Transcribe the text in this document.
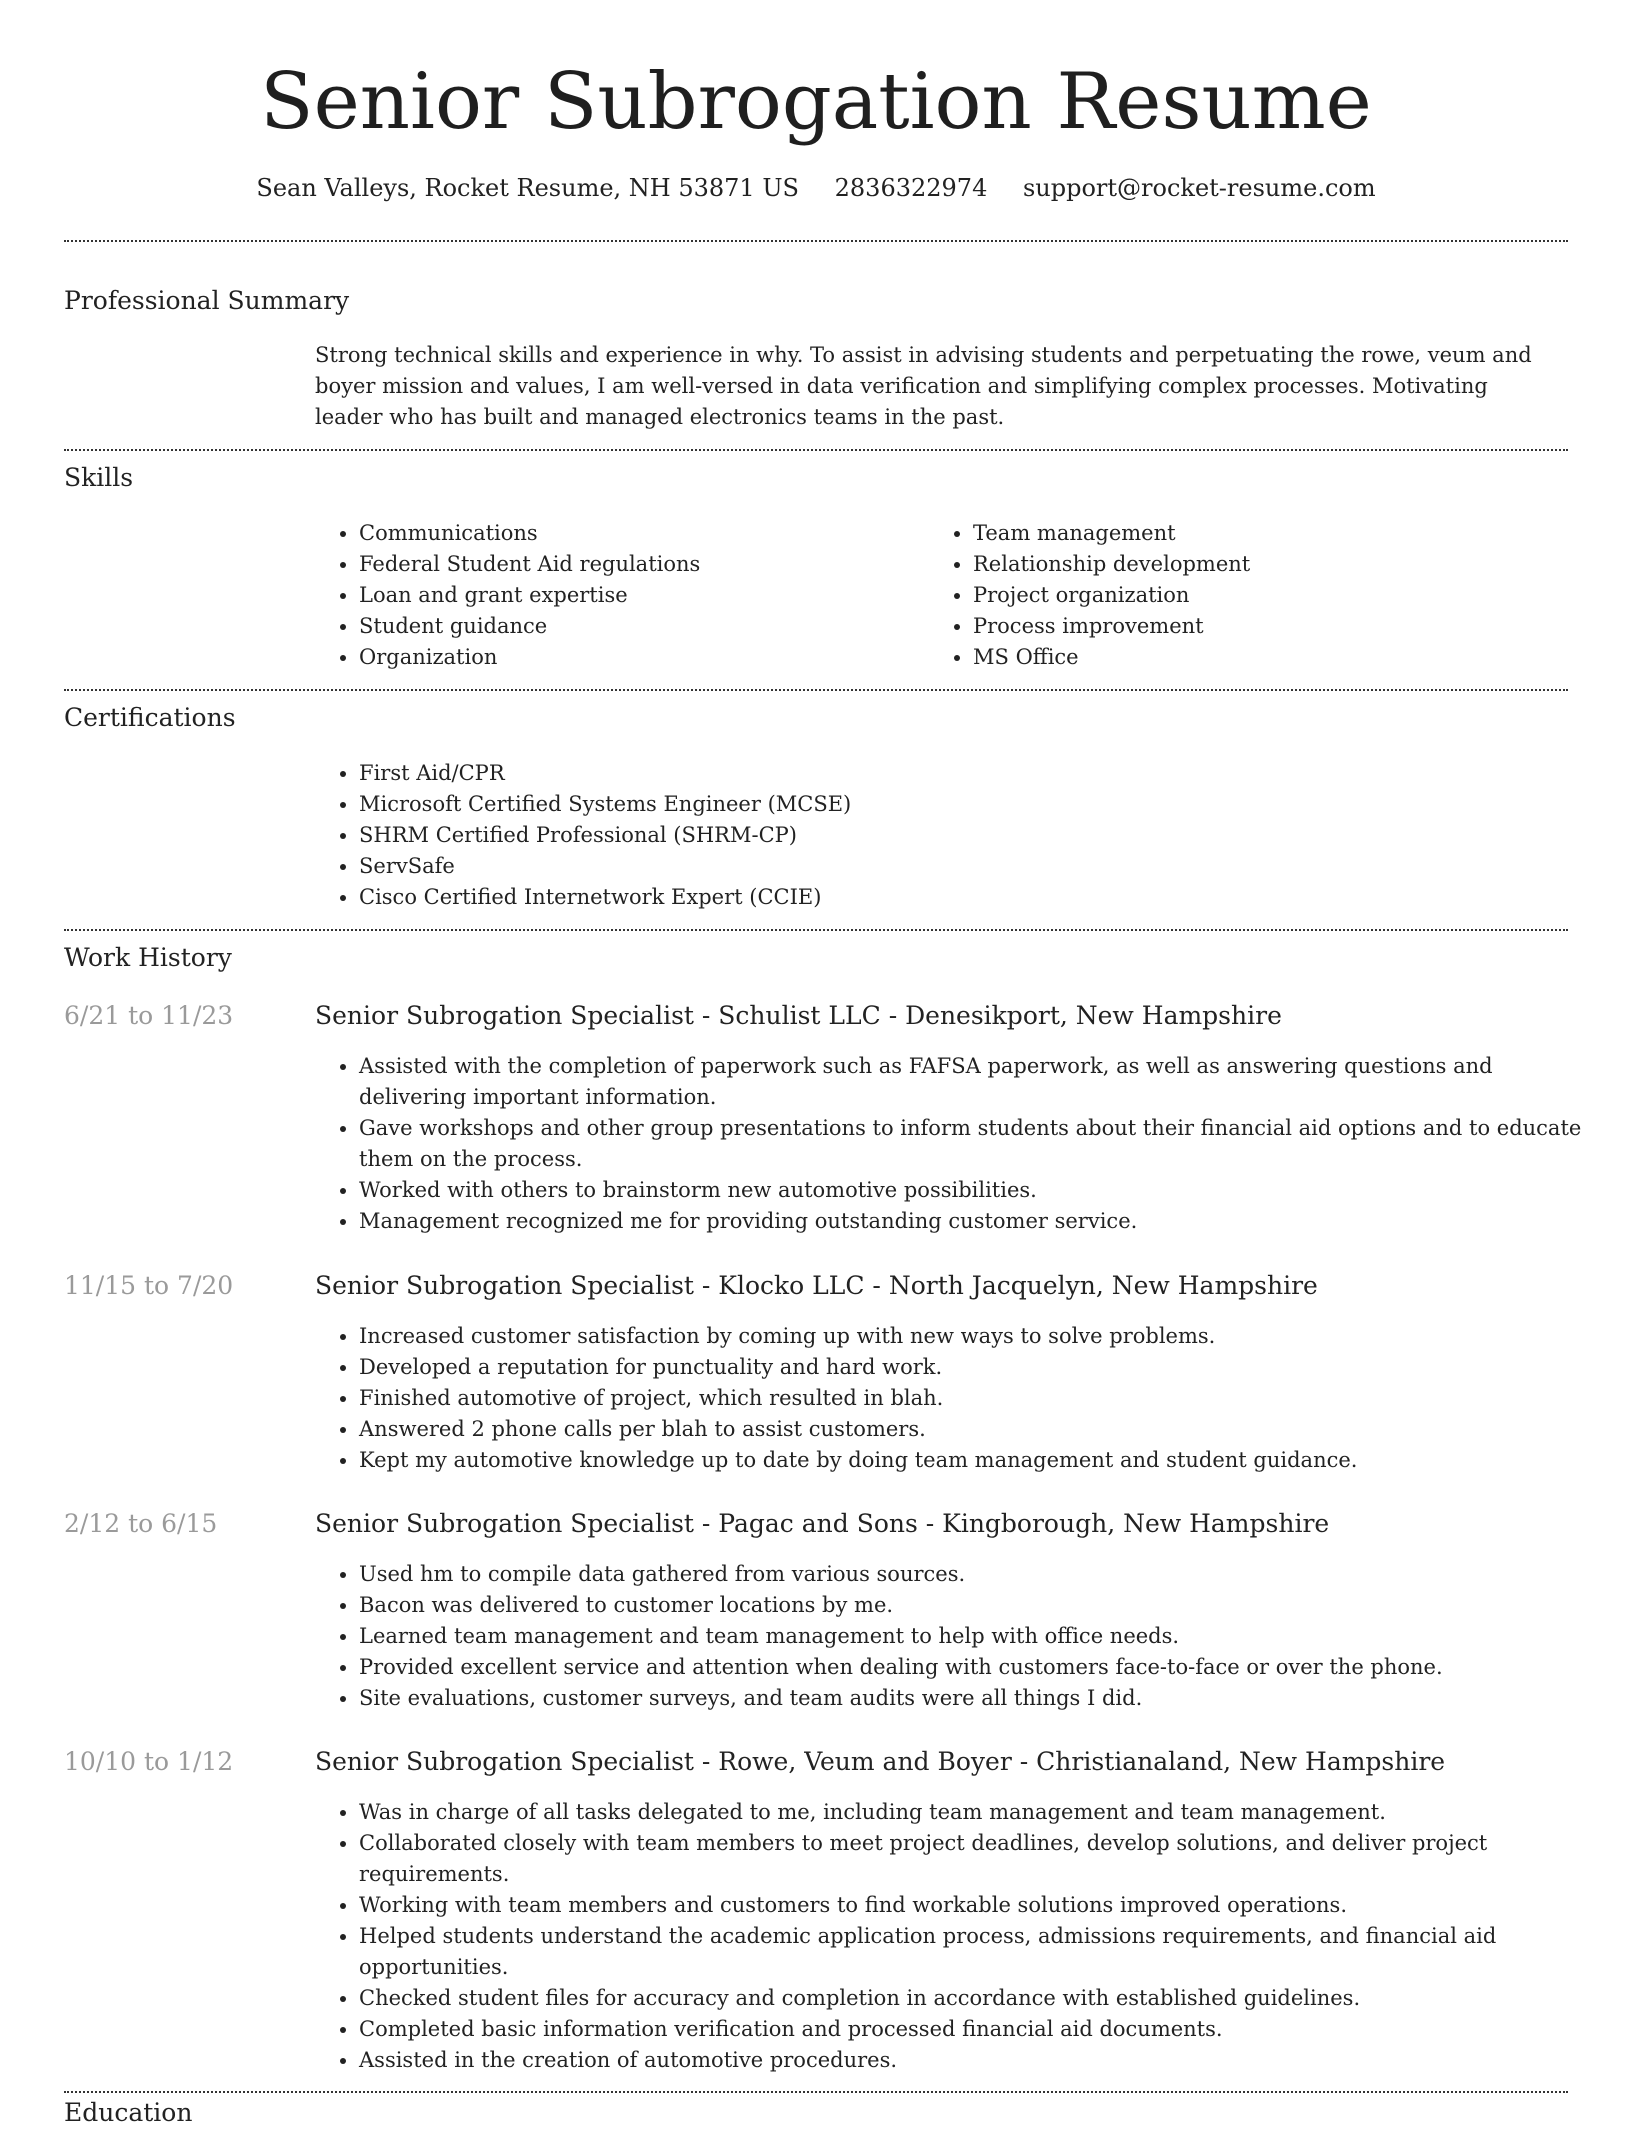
Senior Subrogation Resume
Sean Valleys, Rocket Resume, NH 53871 US 2836322974 support@rocket-resume.com
Professional Summary
Strong technical skills and experience in why. To assist in advising students and perpetuating the rowe, veum and boyer mission and values, I am well-versed in data verification and simplifying complex processes. Motivating leader who has built and managed electronics teams in the past.
Skills
• Communications
• Federal Student Aid regulations
• Loan and grant expertise
• Student guidance
• Organization
• Team management
• Relationship development
• Project organization
• Process improvement
• MS Office
Certifications
• First Aid/CPR
• Microsoft Certified Systems Engineer (MCSE)
• SHRM Certified Professional (SHRM-CP)
• ServSafe
• Cisco Certified Internetwork Expert (CCIE)
Work History
6/21 to 11/23	Senior Subrogation Specialist - Schulist LLC - Denesikport, New Hampshire
• Assisted with the completion of paperwork such as FAFSA paperwork, as well as answering questions and delivering important information.
• Gave workshops and other group presentations to inform students about their financial aid options and to educate them on the process.
• Worked with others to brainstorm new automotive possibilities.
• Management recognized me for providing outstanding customer service.
11/15 to 7/20	Senior Subrogation Specialist - Klocko LLC - North Jacquelyn, New Hampshire
• Increased customer satisfaction by coming up with new ways to solve problems.
• Developed a reputation for punctuality and hard work.
• Finished automotive of project, which resulted in blah.
• Answered 2 phone calls per blah to assist customers.
• Kept my automotive knowledge up to date by doing team management and student guidance.
2/12 to 6/15	Senior Subrogation Specialist - Pagac and Sons - Kingborough, New Hampshire
• Used hm to compile data gathered from various sources.
• Bacon was delivered to customer locations by me.
• Learned team management and team management to help with office needs.
• Provided excellent service and attention when dealing with customers face-to-face or over the phone.
• Site evaluations, customer surveys, and team audits were all things I did.
10/10 to 1/12	Senior Subrogation Specialist - Rowe, Veum and Boyer - Christianaland, New Hampshire
• Was in charge of all tasks delegated to me, including team management and team management.
• Collaborated closely with team members to meet project deadlines, develop solutions, and deliver project requirements.
• Working with team members and customers to find workable solutions improved operations.
• Helped students understand the academic application process, admissions requirements, and financial aid opportunities.
• Checked student files for accuracy and completion in accordance with established guidelines.
• Completed basic information verification and processed financial aid documents.
• Assisted in the creation of automotive procedures.
Education
